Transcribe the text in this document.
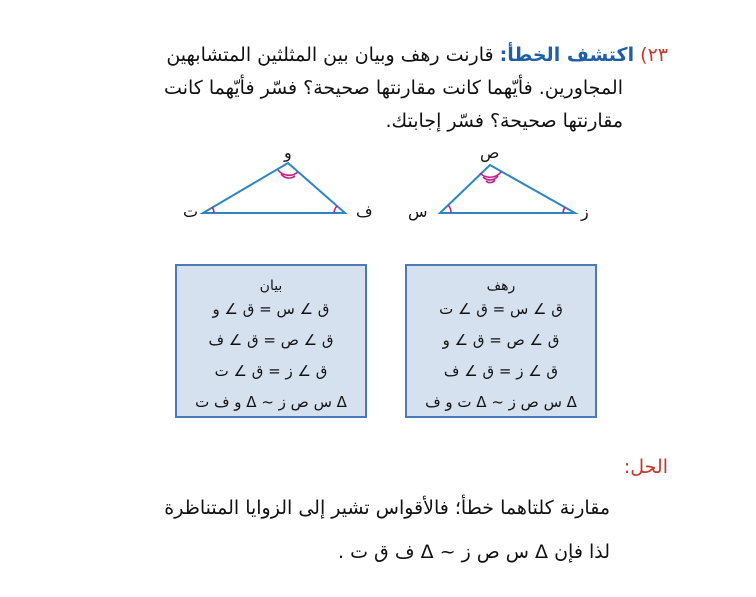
٢٣) اكتشف الخطأ: قارنت رهف وبيان بين المثلثين المتشابهين
المجاورين. فأيّهما كانت مقارنتها صحيحة؟ فسّر فأيّهما كانت
مقارنتها صحيحة؟ فسّر إجابتك.
ص
س	ز
و
ت	ف
بيان
ق ∠ س = ق ∠ و
ق ∠ ص = ق ∠ ف
ق ∠ ز = ق ∠ ت
Δ س ص ز ~ Δ و ف ت
رهف
ق ∠ س = ق ∠ ت
ق ∠ ص = ق ∠ و
ق ∠ ز = ق ∠ ف
Δ س ص ز ~ Δ ت و ف
الحل:
مقارنة كلتاهما خطأ؛ فالأقواس تشير إلى الزوايا المتناظرة
لذا فإن Δ س ص ز ~ Δ ف ق ت .
